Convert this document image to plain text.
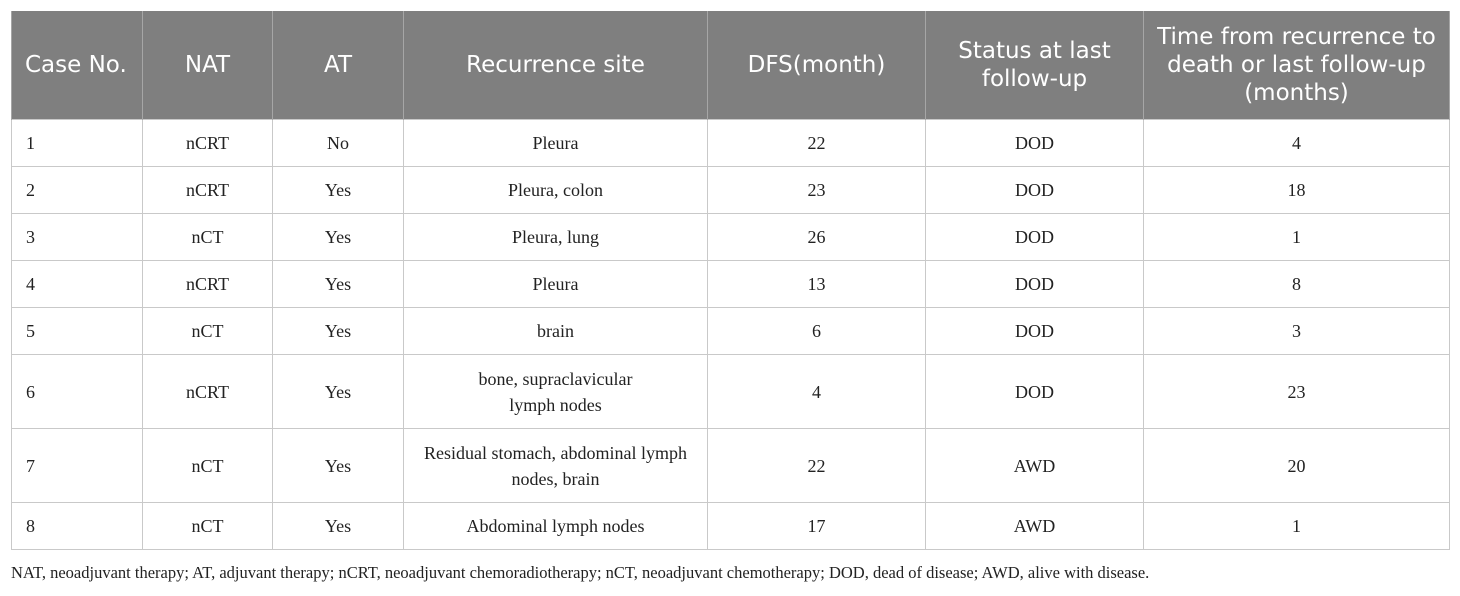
Case No.	NAT	AT	Recurrence site	DFS(month)	Status at last follow-up	Time from recurrence to death or last follow-up (months)
1	nCRT	No	Pleura	22	DOD	4
2	nCRT	Yes	Pleura, colon	23	DOD	18
3	nCT	Yes	Pleura, lung	26	DOD	1
4	nCRT	Yes	Pleura	13	DOD	8
5	nCT	Yes	brain	6	DOD	3
6	nCRT	Yes	bone, supraclavicular lymph nodes	4	DOD	23
7	nCT	Yes	Residual stomach, abdominal lymph nodes, brain	22	AWD	20
8	nCT	Yes	Abdominal lymph nodes	17	AWD	1
NAT, neoadjuvant therapy; AT, adjuvant therapy; nCRT, neoadjuvant chemoradiotherapy; nCT, neoadjuvant chemotherapy; DOD, dead of disease; AWD, alive with disease.
